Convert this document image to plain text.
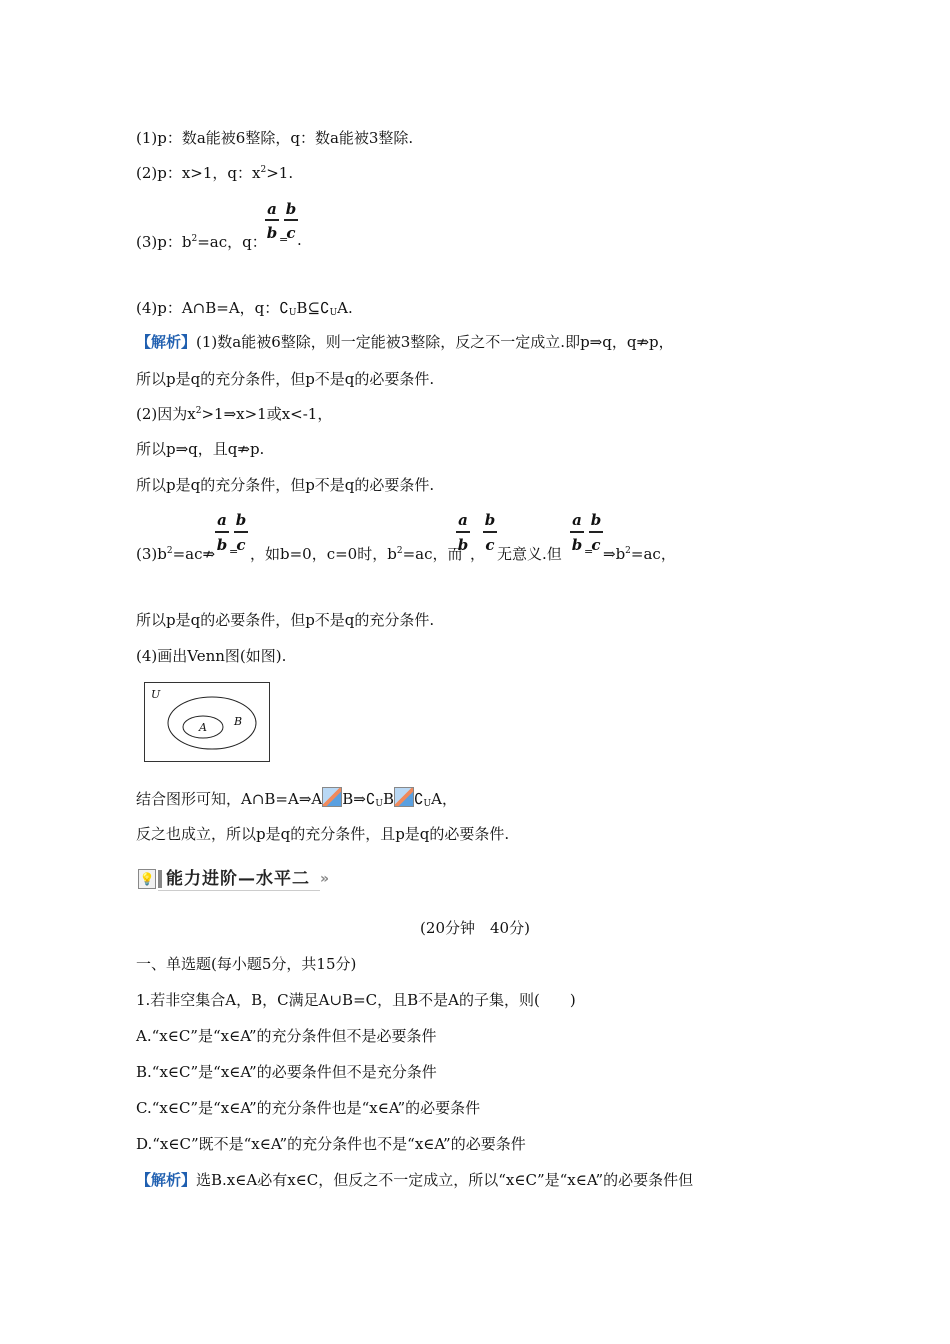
(1)p：数a能被6整除，q：数a能被3整除.
(2)p：x>1，q：$x^2>1$.
(3)p：$b^2=ac$，q：
a
b =
b
c .
(4)p：A∩B=A，q：$∁_UB⊆∁_UA$.
【解析】(1)数a能被6整除，则一定能被3整除，反之不一定成立.即p⇒q，q⇏p，
所以p是q的充分条件，但p不是q的必要条件.
(2)因为$x^2>1\Rightarrow x>1$或x<-1，
所以p⇒q，且q⇏p.
所以p是q的充分条件，但p不是q的必要条件.
$(3)b^2=ac⇏$
a
b =
b
c ，如b=0，c=0时，$b^2=ac$，而
a
b ，
b
c 无意义.但
a
b =
b
c $\Rightarrow b^2=ac$，
所以p是q的必要条件，但p不是q的充分条件.
(4)画出Venn图(如图).
U
A B
结合图形可知，A∩B=A⇒A $B\Rightarrow∁_UB$ $∁_UA$，
反之也成立，所以p是q的充分条件，且p是q的必要条件.
💡 能力进阶—水平二 »
(20分钟　40分)
一、单选题(每小题5分，共15分)
1.若非空集合A，B，C满足A∪B=C，且B不是A的子集，则(　　)
A.“x∈C”是“x∈A”的充分条件但不是必要条件
B.“x∈C”是“x∈A”的必要条件但不是充分条件
C.“x∈C”是“x∈A”的充分条件也是“x∈A”的必要条件
D.“x∈C”既不是“x∈A”的充分条件也不是“x∈A”的必要条件
【解析】选B.x∈A必有x∈C，但反之不一定成立，所以“x∈C”是“x∈A”的必要条件但
